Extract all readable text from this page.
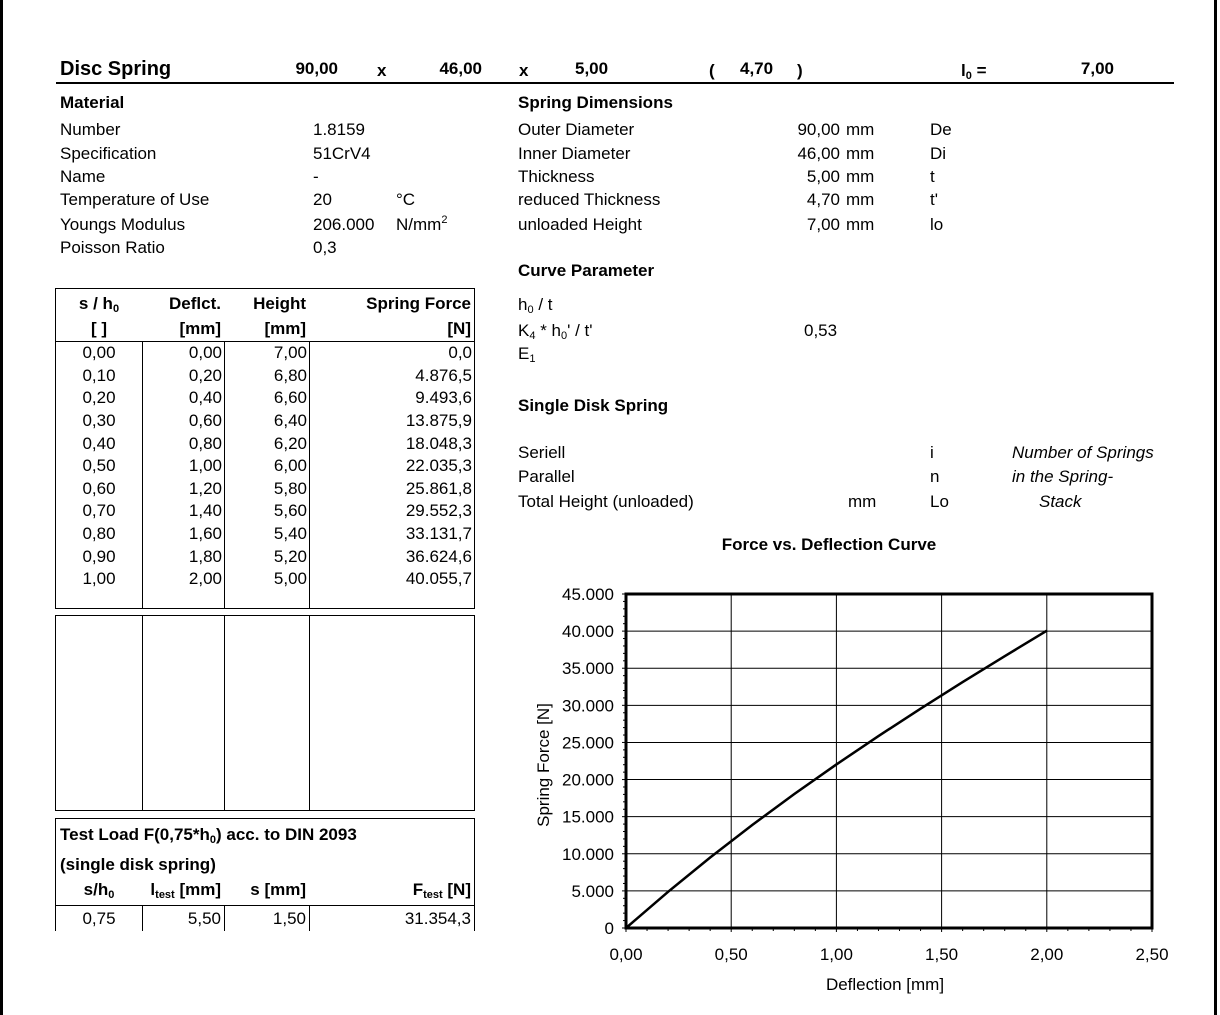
Disc Spring	90,00 x	46,00 x	5,00	( 4,70 )	$l_0$ =	7,00
Material
Number	1.8159
Specification	51CrV4
Name	-
Temperature of Use	20	°C
Youngs Modulus	206.000 $N/mm^2$
Poisson Ratio	0,3
Spring Dimensions
Outer Diameter	90,00 mm	De
Inner Diameter	46,00 mm	Di
Thickness	5,00 mm	t
reduced Thickness	4,70 mm	t'
unloaded Height	7,00 mm	lo
Curve Parameter
$h_0$ / t
$K_4 * h_0'$ / t'	0,53
$E_1$
Single Disk Spring
Seriell	i	Number of Springs
Parallel	n	in the Spring-
Total Height (unloaded)	mm	Lo	Stack
s / $h_0$	Deflct.	Height	Spring Force
[ ]	[mm]	[mm]	[N]
0,00	0,00	7,00	0,0
0,10	0,20	6,80	4.876,5
0,20	0,40	6,60	9.493,6
0,30	0,60	6,40	13.875,9
0,40	0,80	6,20	18.048,3
0,50	1,00	6,00	22.035,3
0,60	1,20	5,80	25.861,8
0,70	1,40	5,60	29.552,3
0,80	1,60	5,40	33.131,7
0,90	1,80	5,20	36.624,6
1,00	2,00	5,00	40.055,7
Test Load $F(0,75*h_0)$ acc. to DIN 2093
(single disk spring)
$s/h_0$	$l_{test}$ [mm]	s [mm]	$F_{test}$ [N]
0,75	5,50	1,50	31.354,3
Force vs. Deflection Curve
0
5.000
10.000
15.000
20.000
25.000
30.000
35.000
40.000
45.000
0,00	0,50	1,00	1,50	2,00	2,50
Deflection [mm]
Spring Force [N]
